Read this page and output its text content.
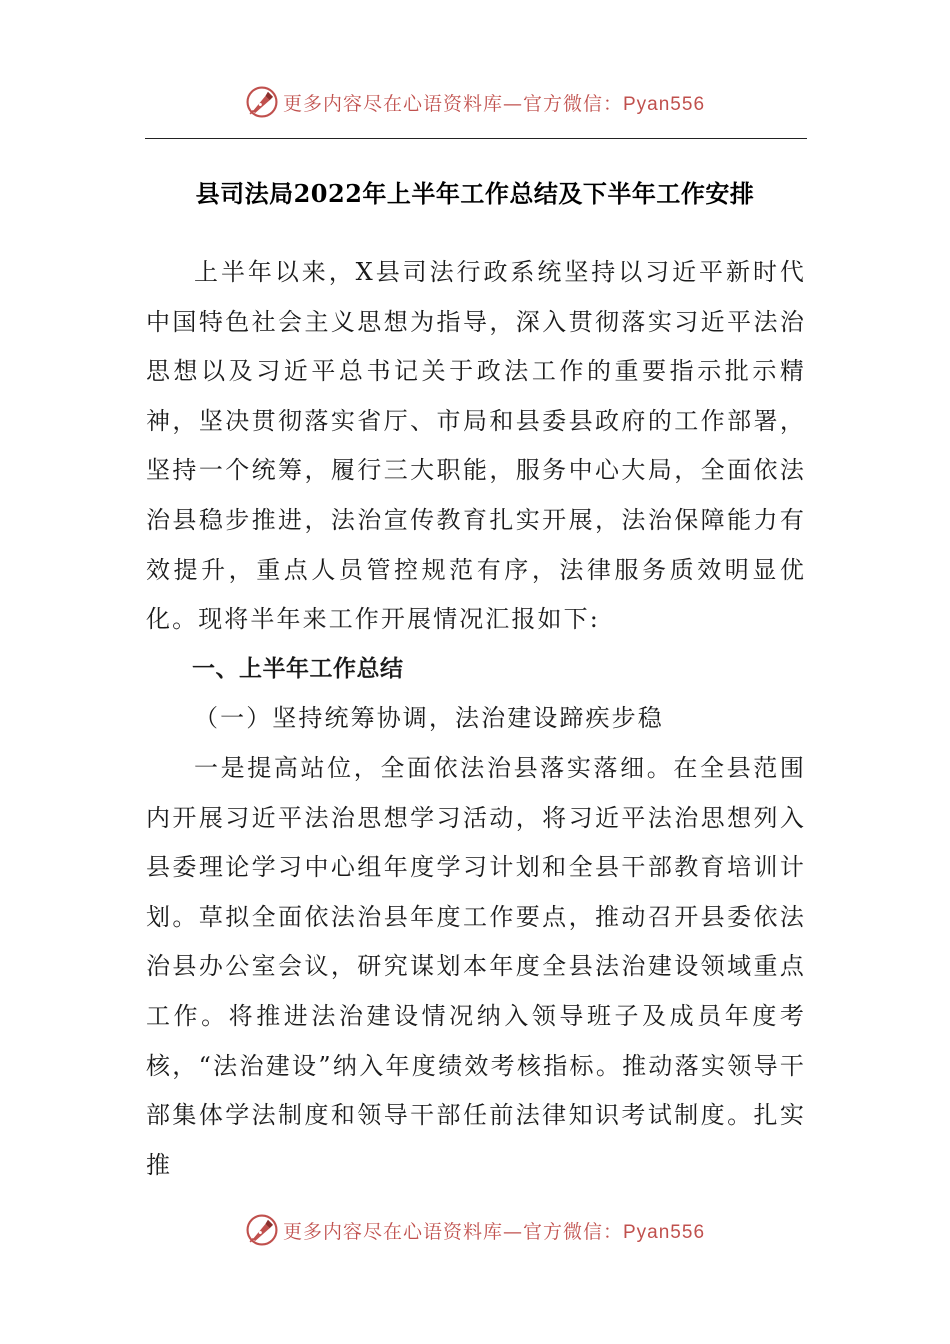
更多内容尽在心语资料库—官方微信：Pyan556
县司法局2022年上半年工作总结及下半年工作安排

上半年以来，X县司法行政系统坚持以习近平新时代中国特色社会主义思想为指导，深入贯彻落实习近平法治思想以及习近平总书记关于政法工作的重要指示批示精神，坚决贯彻落实省厅、市局和县委县政府的工作部署，坚持一个统筹，履行三大职能，服务中心大局，全面依法治县稳步推进，法治宣传教育扎实开展，法治保障能力有效提升，重点人员管控规范有序，法律服务质效明显优化。现将半年来工作开展情况汇报如下:

一、上半年工作总结

（一）坚持统筹协调，法治建设蹄疾步稳

一是提高站位，全面依法治县落实落细。在全县范围内开展习近平法治思想学习活动，将习近平法治思想列入县委理论学习中心组年度学习计划和全县干部教育培训计划。草拟全面依法治县年度工作要点，推动召开县委依法治县办公室会议，研究谋划本年度全县法治建设领域重点工作。将推进法治建设情况纳入领导班子及成员年度考核，“法治建设”纳入年度绩效考核指标。推动落实领导干部集体学法制度和领导干部任前法律知识考试制度。扎实推

更多内容尽在心语资料库—官方微信：Pyan556
